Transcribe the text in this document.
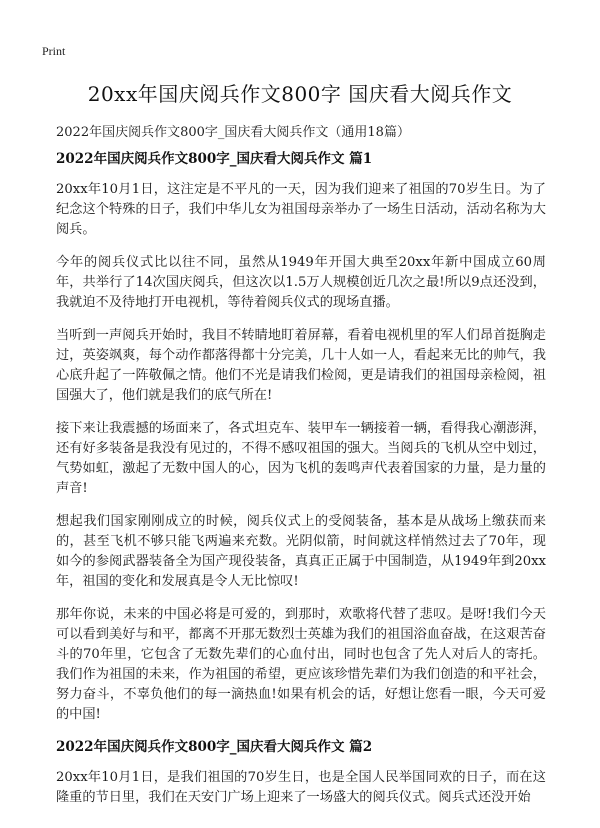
Print
20xx年国庆阅兵作文800字 国庆看大阅兵作文
2022年国庆阅兵作文800字_国庆看大阅兵作文（通用18篇）
2022年国庆阅兵作文800字_国庆看大阅兵作文 篇1

20xx年10月1日，这注定是不平凡的一天，因为我们迎来了祖国的70岁生日。为了纪念这个特殊的日子，我们中华儿女为祖国母亲举办了一场生日活动，活动名称为大阅兵。

今年的阅兵仪式比以往不同，虽然从1949年开国大典至20xx年新中国成立60周年，共举行了14次国庆阅兵，但这次以1.5万人规模创近几次之最!所以9点还没到，我就迫不及待地打开电视机，等待着阅兵仪式的现场直播。

当听到一声阅兵开始时，我目不转睛地盯着屏幕，看着电视机里的军人们昂首挺胸走过，英姿飒爽，每个动作都落得都十分完美，几十人如一人，看起来无比的帅气，我心底升起了一阵敬佩之情。他们不光是请我们检阅，更是请我们的祖国母亲检阅，祖国强大了，他们就是我们的底气所在!

接下来让我震撼的场面来了，各式坦克车、装甲车一辆接着一辆，看得我心潮澎湃，还有好多装备是我没有见过的，不得不感叹祖国的强大。当阅兵的飞机从空中划过，气势如虹，激起了无数中国人的心，因为飞机的轰鸣声代表着国家的力量，是力量的声音!

想起我们国家刚刚成立的时候，阅兵仪式上的受阅装备，基本是从战场上缴获而来的，甚至飞机不够只能飞两遍来充数。光阴似箭，时间就这样悄然过去了70年，现如今的参阅武器装备全为国产现役装备，真真正正属于中国制造，从1949年到20xx年，祖国的变化和发展真是令人无比惊叹!

那年你说，未来的中国必将是可爱的，到那时，欢歌将代替了悲叹。是呀!我们今天可以看到美好与和平，都离不开那无数烈士英雄为我们的祖国浴血奋战，在这艰苦奋斗的70年里，它包含了无数先辈们的心血付出，同时也包含了先人对后人的寄托。我们作为祖国的未来，作为祖国的希望，更应该珍惜先辈们为我们创造的和平社会，努力奋斗，不辜负他们的每一滴热血!如果有机会的话，好想让您看一眼，今天可爱的中国!

2022年国庆阅兵作文800字_国庆看大阅兵作文 篇2

20xx年10月1日，是我们祖国的70岁生日，也是全国人民举国同欢的日子，而在这隆重的节日里，我们在天安门广场上迎来了一场盛大的阅兵仪式。阅兵式还没开始
